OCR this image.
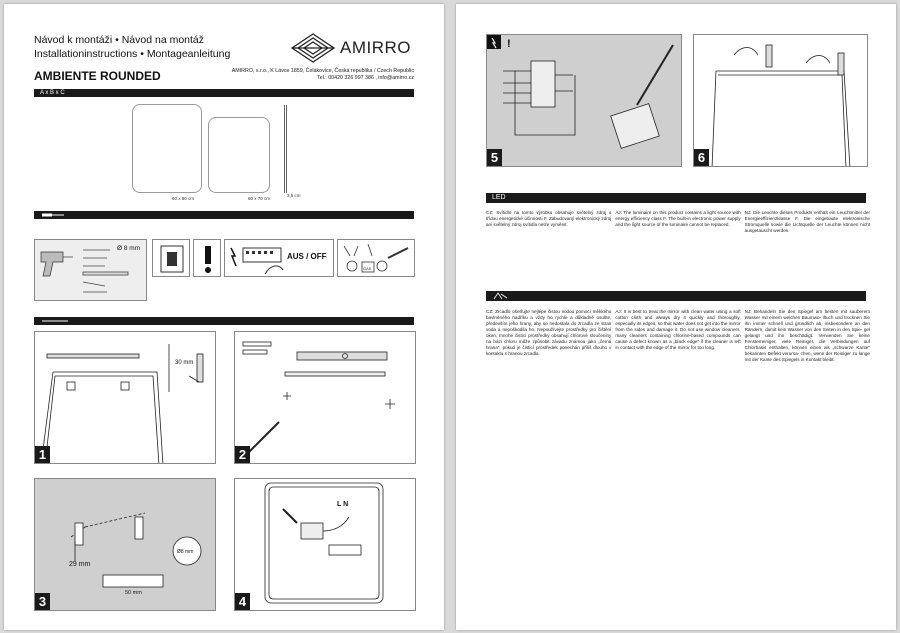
Návod k montáži • Návod na montáž
Installationinstructions • Montageanleitung
AMBIENTE ROUNDED
AMIRRO
AMIRRO, s.r.o., K Lávce 1859, Čelákovice, Česká republika / Czech Republic
Tel.: 00420 326 997 386 , info@amirro.cz
A x B x C
60 x 80 cm	60 x 70 cm
3,5 cm
Ø 8 mm
AUS / OFF
GAS
30 mm
1	2
29 mm
50 mm
Ø8 mm
3
L N
4
!
5	6
LED
CZ: Svítidlo na tomto výrobku obsahuje světelný zdroj s třídou energetické účinnosti F. Zabudovaný elektronický zdroj ani světelný zdroj svítidla nelze vyměnit.
AJ: The luminaire on this product contains a light source with energy efficiency class F. The built-in electronic power supply and the light source of the luminaire cannot be replaced.
NJ: Die Leuchte dieses Produkts enthält ein Leuchtmittel der Energieeffizienzklasse F. Die eingebaute elektronische Stromquelle sowie die Lichtquelle der Leuchte können nicht ausgetauscht werden.
CZ: Zrcadlo ošetřujte nejlépe čistou vodou pomocí měkkého bavlněného hadříku a vždy ho rychle a důkladně osušte, především jeho hrany, aby se nedostala do zrcadla ze stran voda a nepoškodila ho. Nepoužívejte prostředky pro čištění oken, mnohé čisticí prostředky obsahují chlorové sloučeniny na bázi chloru může způsobit závadu známou jako „černá hrana", pokud je čisticí prostředek ponechán příliš dlouho v kontaktu s hranou zrcadla.
AJ: It is best to treat the mirror with clean water using a soft cotton cloth and always dry it quickly and thoroughly, especially its edges, so that water does not get into the mirror from the sides and damage it. Do not use window cleaners, many cleaners containing chlorine-based compounds can cause a defect known as a „black edge" if the cleaner is left in contact with the edge of the mirror for too long.
NJ: Behandeln Sie den Spiegel am besten mit sauberem Wasser mit einem weichen Baumwo- lltuch und trocknen Sie ihn immer schnell und gründlich ab, insbesondere an den Rändern, damit kein Wasser von den Seiten in den Spie- gel gelangt und ihn beschädigt. Verwenden Sie keine Fensterreiniger, viele Reiniger, die Verbindungen auf Chlorbasis enthalten, können einen als „schwarze Kante" bekannten Defekt verursa- chen, wenn der Reiniger zu lange mit der Kante des Spiegels in Kontakt bleibt.
